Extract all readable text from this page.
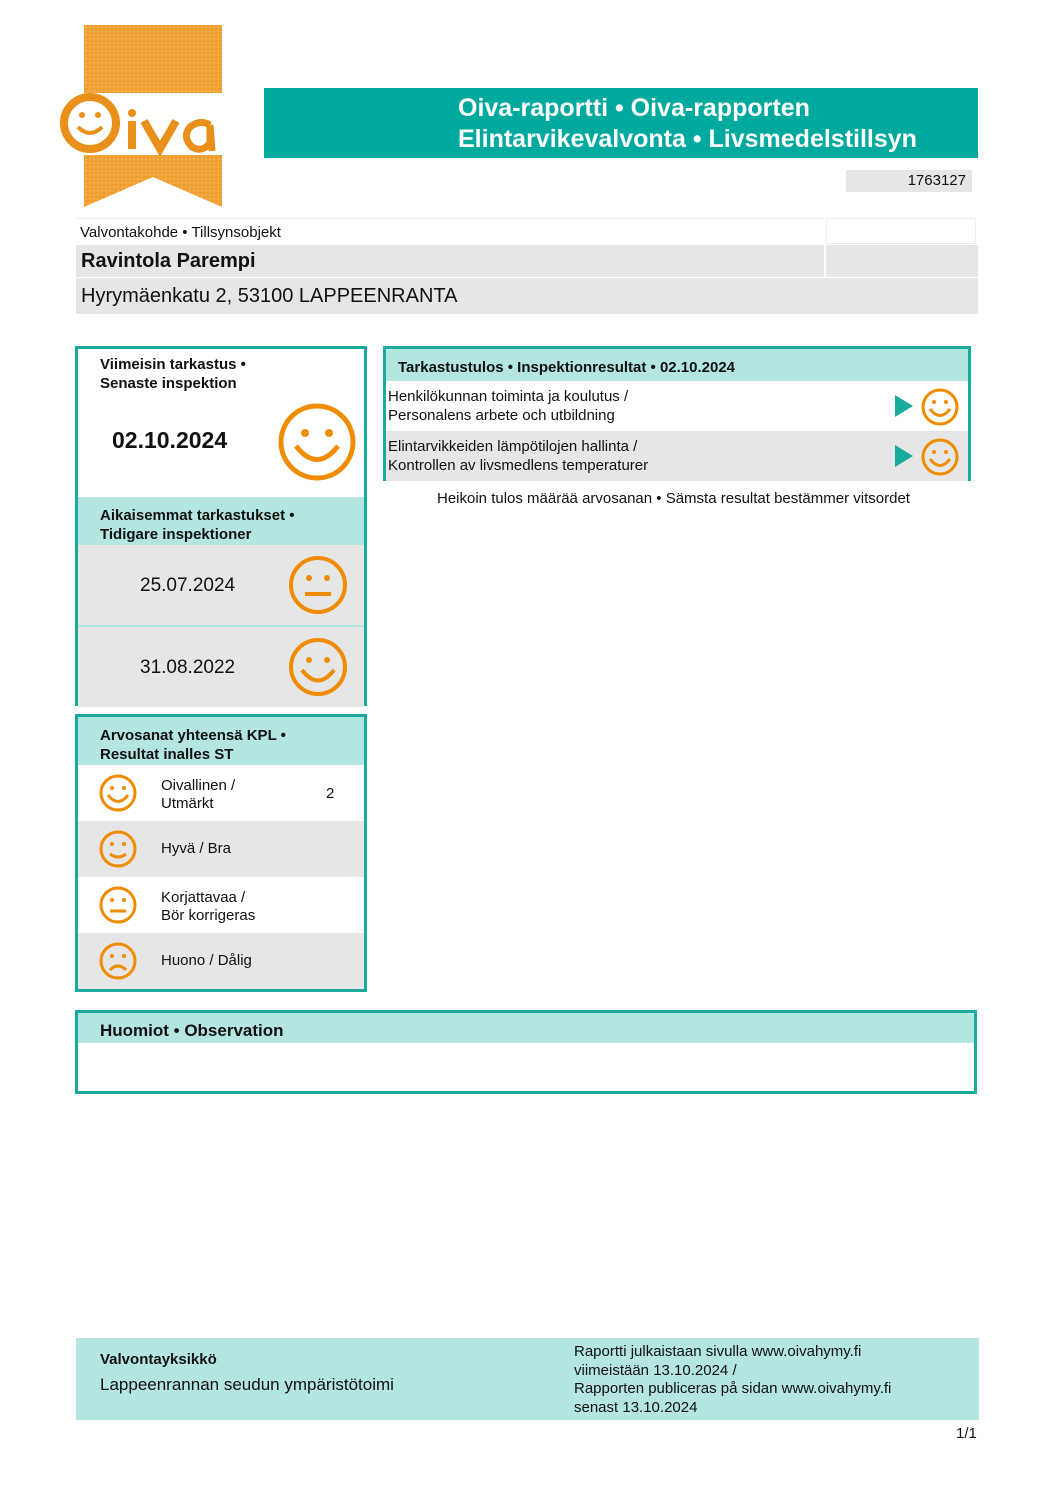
Oiva-raportti • Oiva-rapporten
Elintarvikevalvonta • Livsmedelstillsyn
1763127
Valvontakohde • Tillsynsobjekt
Ravintola Parempi
Hyrymäenkatu 2, 53100 LAPPEENRANTA
Viimeisin tarkastus •
Senaste inspektion
02.10.2024
Aikaisemmat tarkastukset •
Tidigare inspektioner
25.07.2024
31.08.2022
Arvosanat yhteensä KPL •
Resultat inalles ST
Oivallinen /
Utmärkt
2
Hyvä / Bra
Korjattavaa /
Bör korrigeras
Huono / Dålig
Tarkastustulos • Inspektionresultat • 02.10.2024
Henkilökunnan toiminta ja koulutus /
Personalens arbete och utbildning
Elintarvikkeiden lämpötilojen hallinta /
Kontrollen av livsmedlens temperaturer
Heikoin tulos määrää arvosanan • Sämsta resultat bestämmer vitsordet
Huomiot • Observation
Valvontayksikkö
Lappeenrannan seudun ympäristötoimi
Raportti julkaistaan sivulla www.oivahymy.fi
viimeistään 13.10.2024 /
Rapporten publiceras på sidan www.oivahymy.fi
senast 13.10.2024
1/1
